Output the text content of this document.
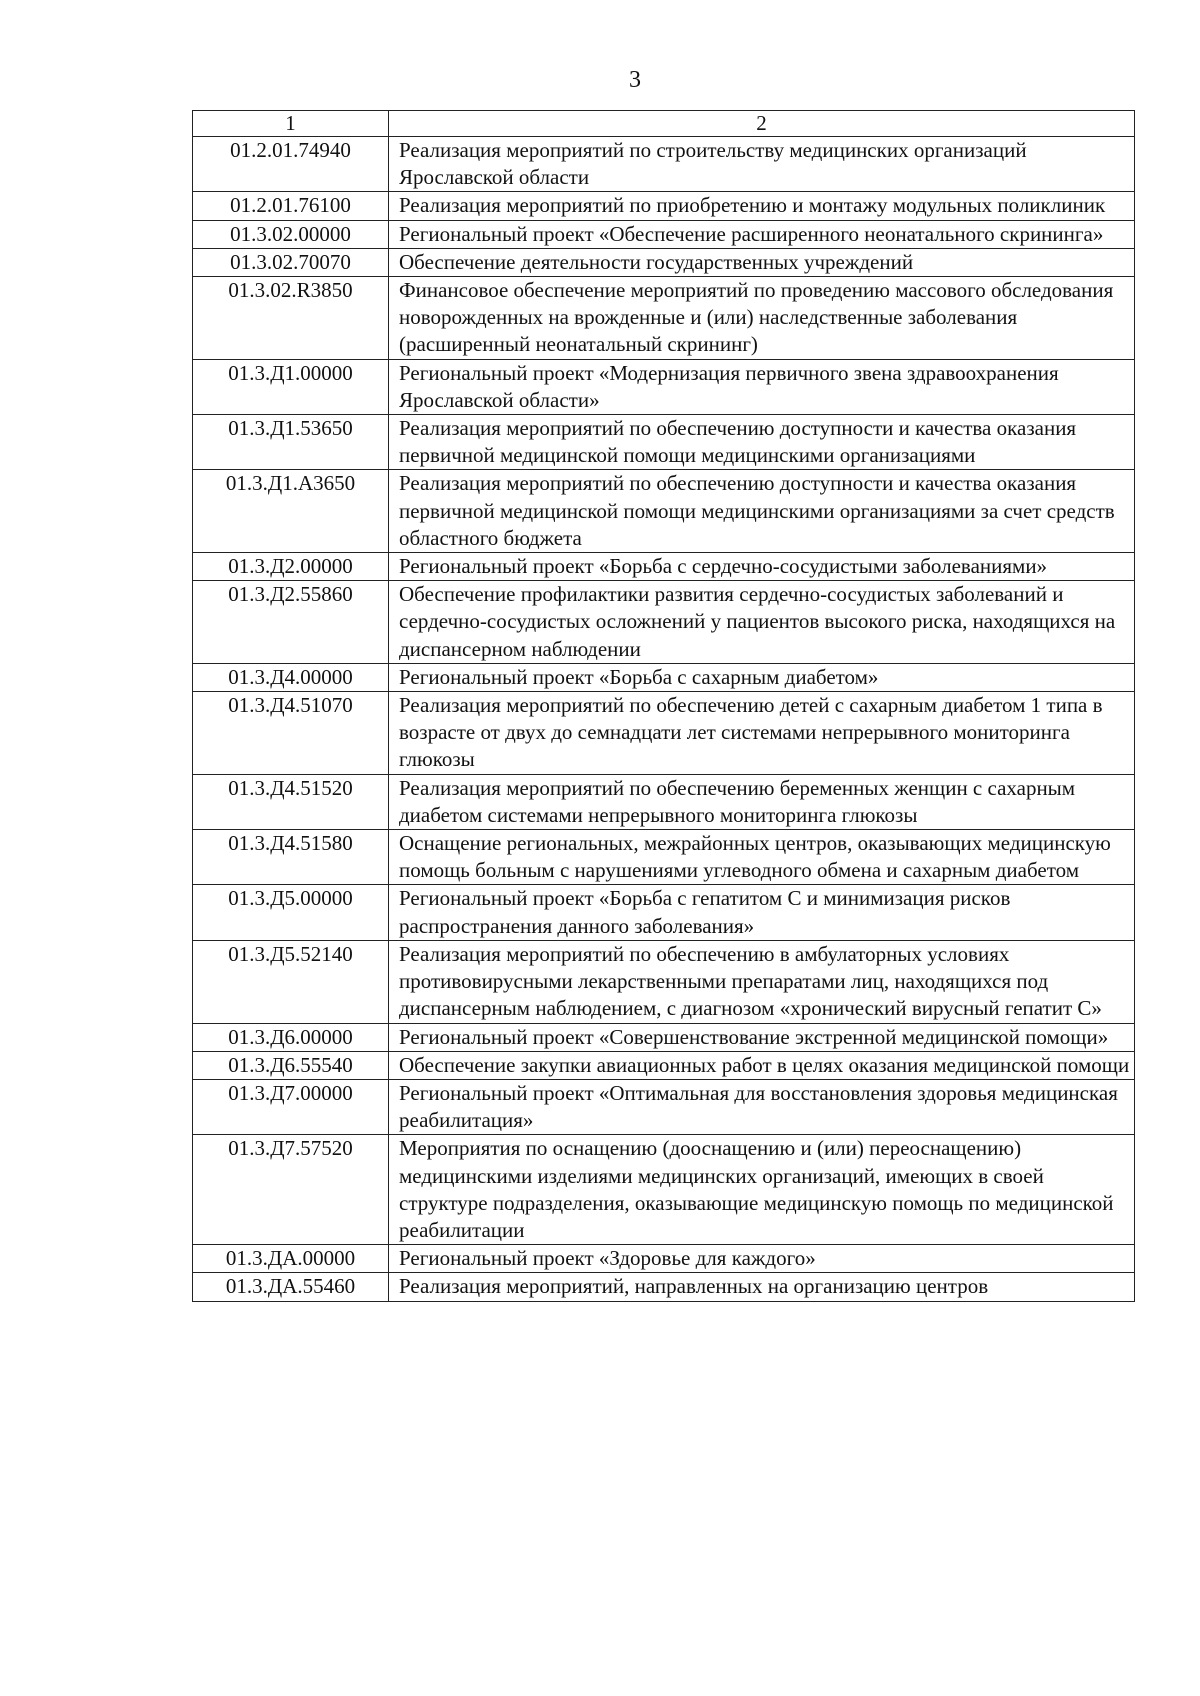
3
1	2
01.2.01.74940	Реализация мероприятий по строительству медицинских организаций Ярославской области
01.2.01.76100	Реализация мероприятий по приобретению и монтажу модульных поликлиник
01.3.02.00000	Региональный проект «Обеспечение расширенного неонатального скрининга»
01.3.02.70070	Обеспечение деятельности государственных учреждений
01.3.02.R3850	Финансовое обеспечение мероприятий по проведению массового обследования новорожденных на врожденные и (или) наследственные заболевания (расширенный неонатальный скрининг)
01.3.Д1.00000	Региональный проект «Модернизация первичного звена здравоохранения Ярославской области»
01.3.Д1.53650	Реализация мероприятий по обеспечению доступности и качества оказания первичной медицинской помощи медицинскими организациями
01.3.Д1.А3650	Реализация мероприятий по обеспечению доступности и качества оказания первичной медицинской помощи медицинскими организациями за счет средств областного бюджета
01.3.Д2.00000	Региональный проект «Борьба с сердечно-сосудистыми заболеваниями»
01.3.Д2.55860	Обеспечение профилактики развития сердечно-сосудистых заболеваний и сердечно-сосудистых осложнений у пациентов высокого риска, находящихся на диспансерном наблюдении
01.3.Д4.00000	Региональный проект «Борьба с сахарным диабетом»
01.3.Д4.51070	Реализация мероприятий по обеспечению детей с сахарным диабетом 1 типа в возрасте от двух до семнадцати лет системами непрерывного мониторинга глюкозы
01.3.Д4.51520	Реализация мероприятий по обеспечению беременных женщин с сахарным диабетом системами непрерывного мониторинга глюкозы
01.3.Д4.51580	Оснащение региональных, межрайонных центров, оказывающих медицинскую помощь больным с нарушениями углеводного обмена и сахарным диабетом
01.3.Д5.00000	Региональный проект «Борьба с гепатитом С и минимизация рисков распространения данного заболевания»
01.3.Д5.52140	Реализация мероприятий по обеспечению в амбулаторных условиях противовирусными лекарственными препаратами лиц, находящихся под диспансерным наблюдением, с диагнозом «хронический вирусный гепатит С»
01.3.Д6.00000	Региональный проект «Совершенствование экстренной медицинской помощи»
01.3.Д6.55540	Обеспечение закупки авиационных работ в целях оказания медицинской помощи
01.3.Д7.00000	Региональный проект «Оптимальная для восстановления здоровья медицинская реабилитация»
01.3.Д7.57520	Мероприятия по оснащению (дооснащению и (или) переоснащению) медицинскими изделиями медицинских организаций, имеющих в своей структуре подразделения, оказывающие медицинскую помощь по медицинской реабилитации
01.3.ДА.00000	Региональный проект «Здоровье для каждого»
01.3.ДА.55460	Реализация мероприятий, направленных на организацию центров
